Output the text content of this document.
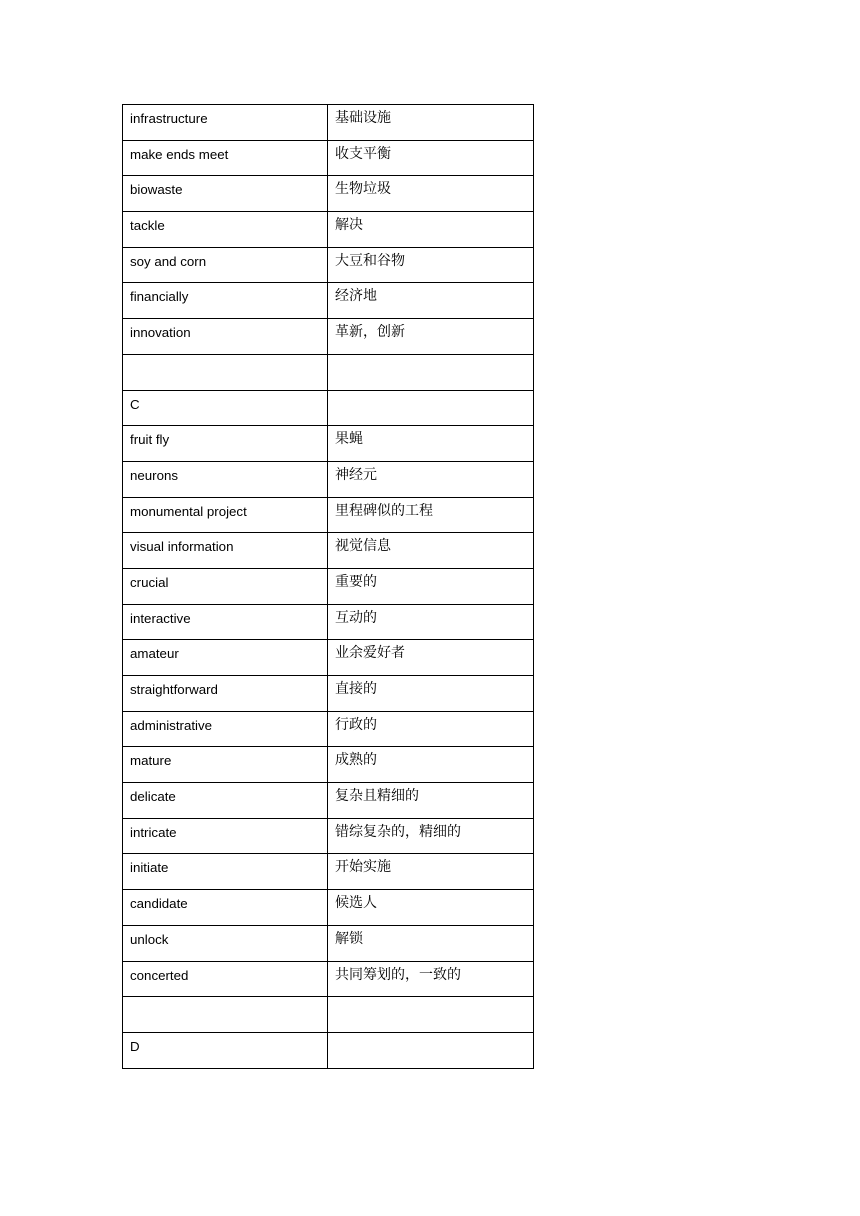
infrastructure	基础设施
make ends meet	收支平衡
biowaste	生物垃圾
tackle	解决
soy and corn	大豆和谷物
financially	经济地
innovation	革新，创新

C	
fruit fly	果蝇
neurons	神经元
monumental project	里程碑似的工程
visual information	视觉信息
crucial	重要的
interactive	互动的
amateur	业余爱好者
straightforward	直接的
administrative	行政的
mature	成熟的
delicate	复杂且精细的
intricate	错综复杂的，精细的
initiate	开始实施
candidate	候选人
unlock	解锁
concerted	共同筹划的，一致的

D	
